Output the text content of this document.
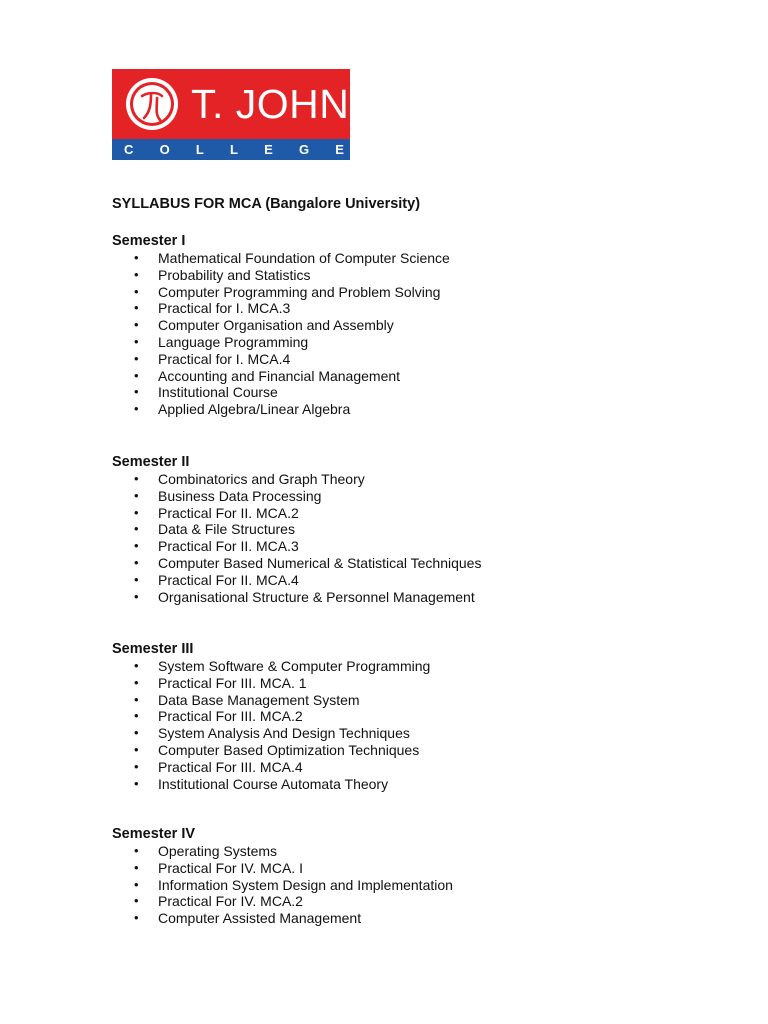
T. JOHN
C O L L E G E
SYLLABUS FOR MCA (Bangalore University)
Semester I
• Mathematical Foundation of Computer Science
• Probability and Statistics
• Computer Programming and Problem Solving
• Practical for I. MCA.3
• Computer Organisation and Assembly
• Language Programming
• Practical for I. MCA.4
• Accounting and Financial Management
• Institutional Course
• Applied Algebra/Linear Algebra
Semester II
• Combinatorics and Graph Theory
• Business Data Processing
• Practical For II. MCA.2
• Data & File Structures
• Practical For II. MCA.3
• Computer Based Numerical & Statistical Techniques
• Practical For II. MCA.4
• Organisational Structure & Personnel Management
Semester III
• System Software & Computer Programming
• Practical For III. MCA. 1
• Data Base Management System
• Practical For III. MCA.2
• System Analysis And Design Techniques
• Computer Based Optimization Techniques
• Practical For III. MCA.4
• Institutional Course Automata Theory
Semester IV
• Operating Systems
• Practical For IV. MCA. I
• Information System Design and Implementation
• Practical For IV. MCA.2
• Computer Assisted Management
